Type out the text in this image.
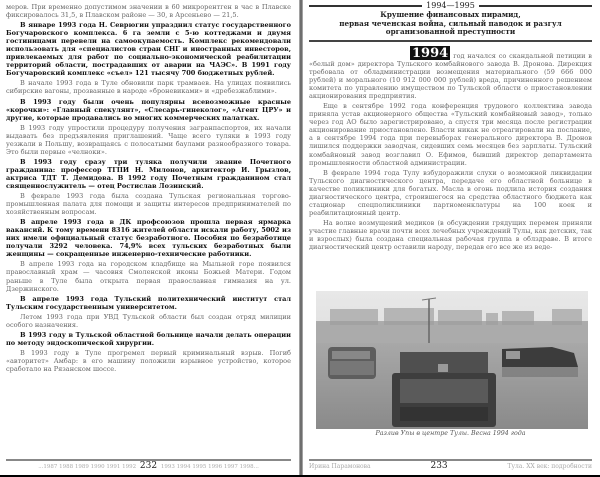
меров. При временно допустимом значении в 60 микрорентген в час в Плавске фиксировалось 31,5, в Плавском районе — 30, в Арсеньево — 21,5.

В январе 1993 года Н. Севрюгин упразднил статус государственного Богучаровского комплекса. 6 га земли с 5-ю коттеджами и двумя гостиницами перевели на самоокупаемость. Комплекс рекомендовали использовать для «специалистов стран СНГ и иностранных инвесторов, привлекаемых для работ по социально-экономической реабилитации территорий области, пострадавших от аварии на ЧАЭС». В 1991 году Богучаровский комплекс «съел» 121 тысячу 700 бюджетных рублей.

В начале 1993 года в Туле обновили парк трамваев. На улицах появились сибирские вагоны, прозванные в народе «броневиками» и «дребезжаблими».

В 1993 году были очень популярны всевозможные красные «корочки»: «Главный спекулянт», «Слесарь-гинеколог», «Агент ЦРУ» и другие, которые продавались во многих коммерческих палатках.

В 1993 году упростили процедуру получения загранпаспортов, их начали выдавать без предъявления приглашений. Чаще всего туляки в 1993 году уезжали в Польшу, возвращаясь с полосатыми баулами разнообразного товара. Это были первые «челноки».

В 1993 году сразу три туляка получили звание Почетного гражданина: профессор ТГПИ Н. Милонов, архитектор И. Грызлов, актриса ТДТ Т. Демидова. В 1992 году Почетным гражданином стал священнослужитель — отец Ростислав Лозинский.

В феврале 1993 года была создана Тульская региональная торгово-промышленная палата для помощи и защиты интересов предпринимателей по хозяйственным вопросам.

В апреле 1993 года в ДК профсоюзов прошла первая ярмарка вакансий. К тому времени 8316 жителей области искали работу, 5002 из них имели официальный статус безработного. Пособия по безработице получали 3292 человека. 74,9% всех тульских безработных были женщины — сокращенные инженерно-технические работники.

В апреле 1993 года на городском кладбище на Мыльной горе появился православный храм — часовня Смоленской иконы Божьей Матери. Годом раньше в Туле была открыта первая православная гимназия на ул. Дзержинского.

В апреле 1993 года Тульский политехнический институт стал Тульским государственным университетом.

Летом 1993 года при УВД Тульской области был создан отряд милиции особого назначения.

В 1993 году в Тульской областной больнице начали делать операции по методу эндоскопической хирургии.

В 1993 году в Туле прогремел первый криминальный взрыв. Погиб «авторитет» Амбар: в его машину положили взрывное устройство, которое сработало на Рязанском шоссе.

...1987 1988 1989 1990 1991 1992 232 1993 1994 1995 1996 1997 1998...
1994—1995
Крушение финансовых пирамид,
первая чеченская война, сильный паводок и разгул
организованной преступности

1994 год начался со скандальной петиции в «белый дом» директора Тульского комбайнового завода В. Дронова. Дирекция требовала от обладминистрации возмещения материального (59 666 000 рублей) и морального (10 912 000 000 рублей) вреда, причиненного решением комитета по управлению имуществом по Тульской области о приостановлении акционирования предприятия.

Еще в сентябре 1992 года конференция трудового коллектива завода приняла устав акционерного общества «Тульский комбайновый завод», только через год АО было зарегистрировано, а спустя три месяца после регистрации акционирование приостановлено. Власти никак не отреагировали на послание, а в сентябре 1994 года при перевыборах генерального директора В. Дронов лишился поддержки заводчан, сидевших семь месяцев без зарплаты. Тульский комбайновый завод возглавил О. Ефимов, бывший директор департамента промышленности областной администрации.

В феврале 1994 года Тулу взбудоражили слухи о возможной ликвидации Тульского диагностического центра, передаче его областной больнице в качестве поликлиники для богатых. Масла в огонь подлила история создания диагностического центра, строившегося на средства областного бюджета как стационар спецполиклиники партноменклатуры на 100 коек и реабилитационный центр.

На волне возмущений медиков (в обсуждении грядущих перемен приняли участие главные врачи почти всех лечебных учреждений Тулы, как детских, так и взрослых) была создана специальная рабочая группа в облздраве. В итоге диагностический центр оставили народу, передав его все же из веде-

Разлив Упы в центре Тулы. Весна 1994 года
Ирина Парамонова	233	Тула. XX век: подробности
